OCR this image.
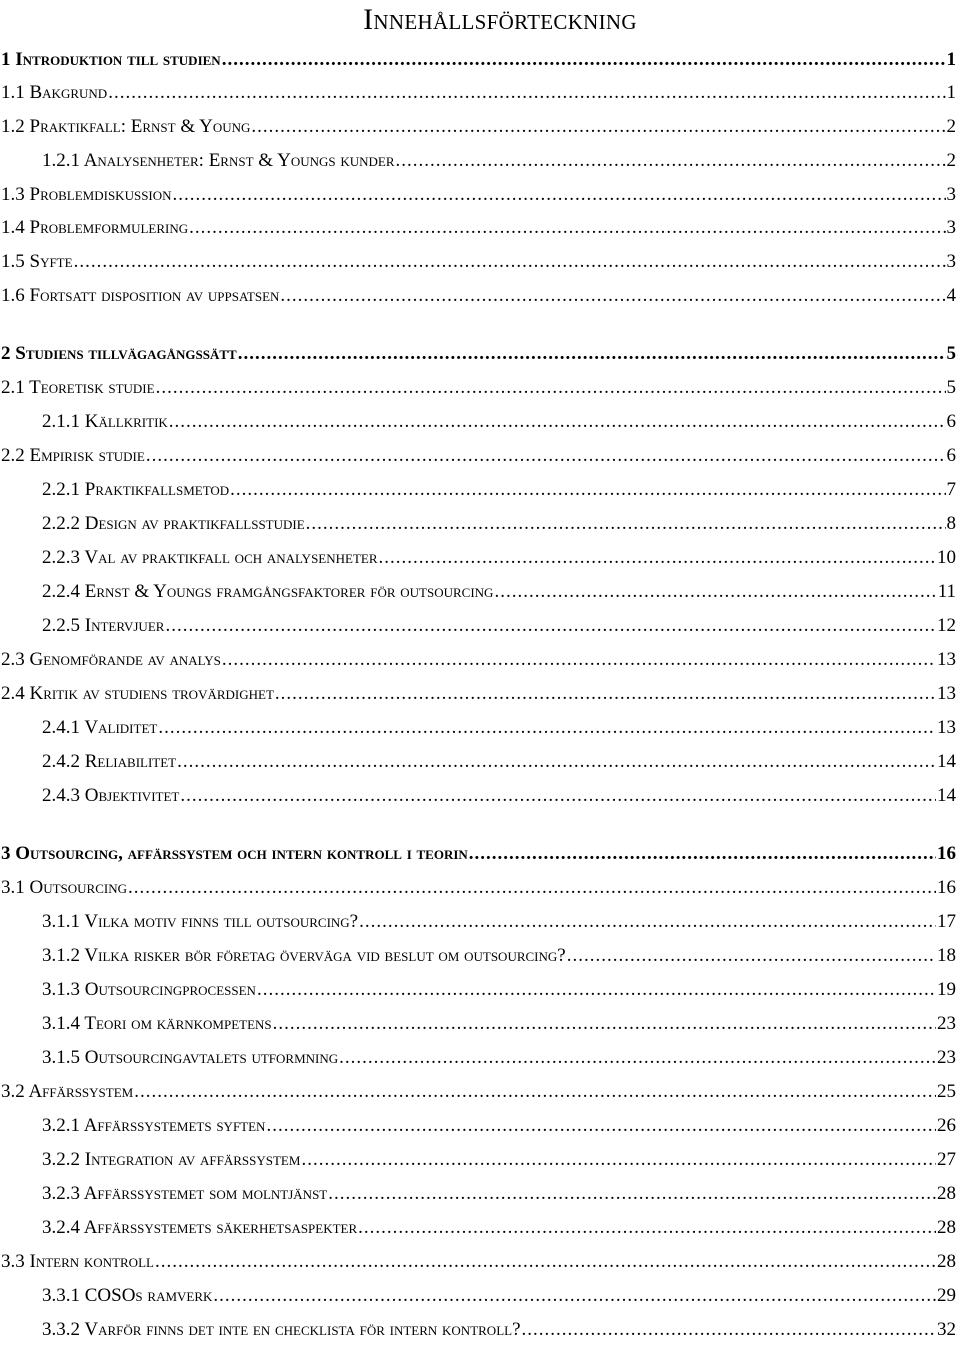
Innehållsförteckning
1 Introduktion till studien .....	1
1.1 Bakgrund .....	1
1.2 Praktikfall: Ernst & Young .....	2
1.2.1 Analysenheter: Ernst & Youngs kunder .....	2
1.3 Problemdiskussion .....	3
1.4 Problemformulering .....	3
1.5 Syfte .....	3
1.6 Fortsatt disposition av uppsatsen .....	4
2 Studiens tillvägagångssätt .....	5
2.1 Teoretisk studie .....	5
2.1.1 Källkritik .....	6
2.2 Empirisk studie .....	6
2.2.1 Praktikfallsmetod .....	7
2.2.2 Design av praktikfallsstudie .....	8
2.2.3 Val av praktikfall och analysenheter .....	10
2.2.4 Ernst & Youngs framgångsfaktorer för outsourcing .....	11
2.2.5 Intervjuer .....	12
2.3 Genomförande av analys .....	13
2.4 Kritik av studiens trovärdighet .....	13
2.4.1 Validitet .....	13
2.4.2 Reliabilitet .....	14
2.4.3 Objektivitet .....	14
3 Outsourcing, affärssystem och intern kontroll i teorin .....	16
3.1 Outsourcing .....	16
3.1.1 Vilka motiv finns till outsourcing? .....	17
3.1.2 Vilka risker bör företag överväga vid beslut om outsourcing? .....	18
3.1.3 Outsourcingprocessen .....	19
3.1.4 Teori om kärnkompetens .....	23
3.1.5 Outsourcingavtalets utformning .....	23
3.2 Affärssystem .....	25
3.2.1 Affärssystemets syften .....	26
3.2.2 Integration av affärssystem .....	27
3.2.3 Affärssystemet som molntjänst .....	28
3.2.4 Affärssystemets säkerhetsaspekter .....	28
3.3 Intern kontroll .....	28
3.3.1 COSOs ramverk .....	29
3.3.2 Varför finns det inte en checklista för intern kontroll? .....	32
